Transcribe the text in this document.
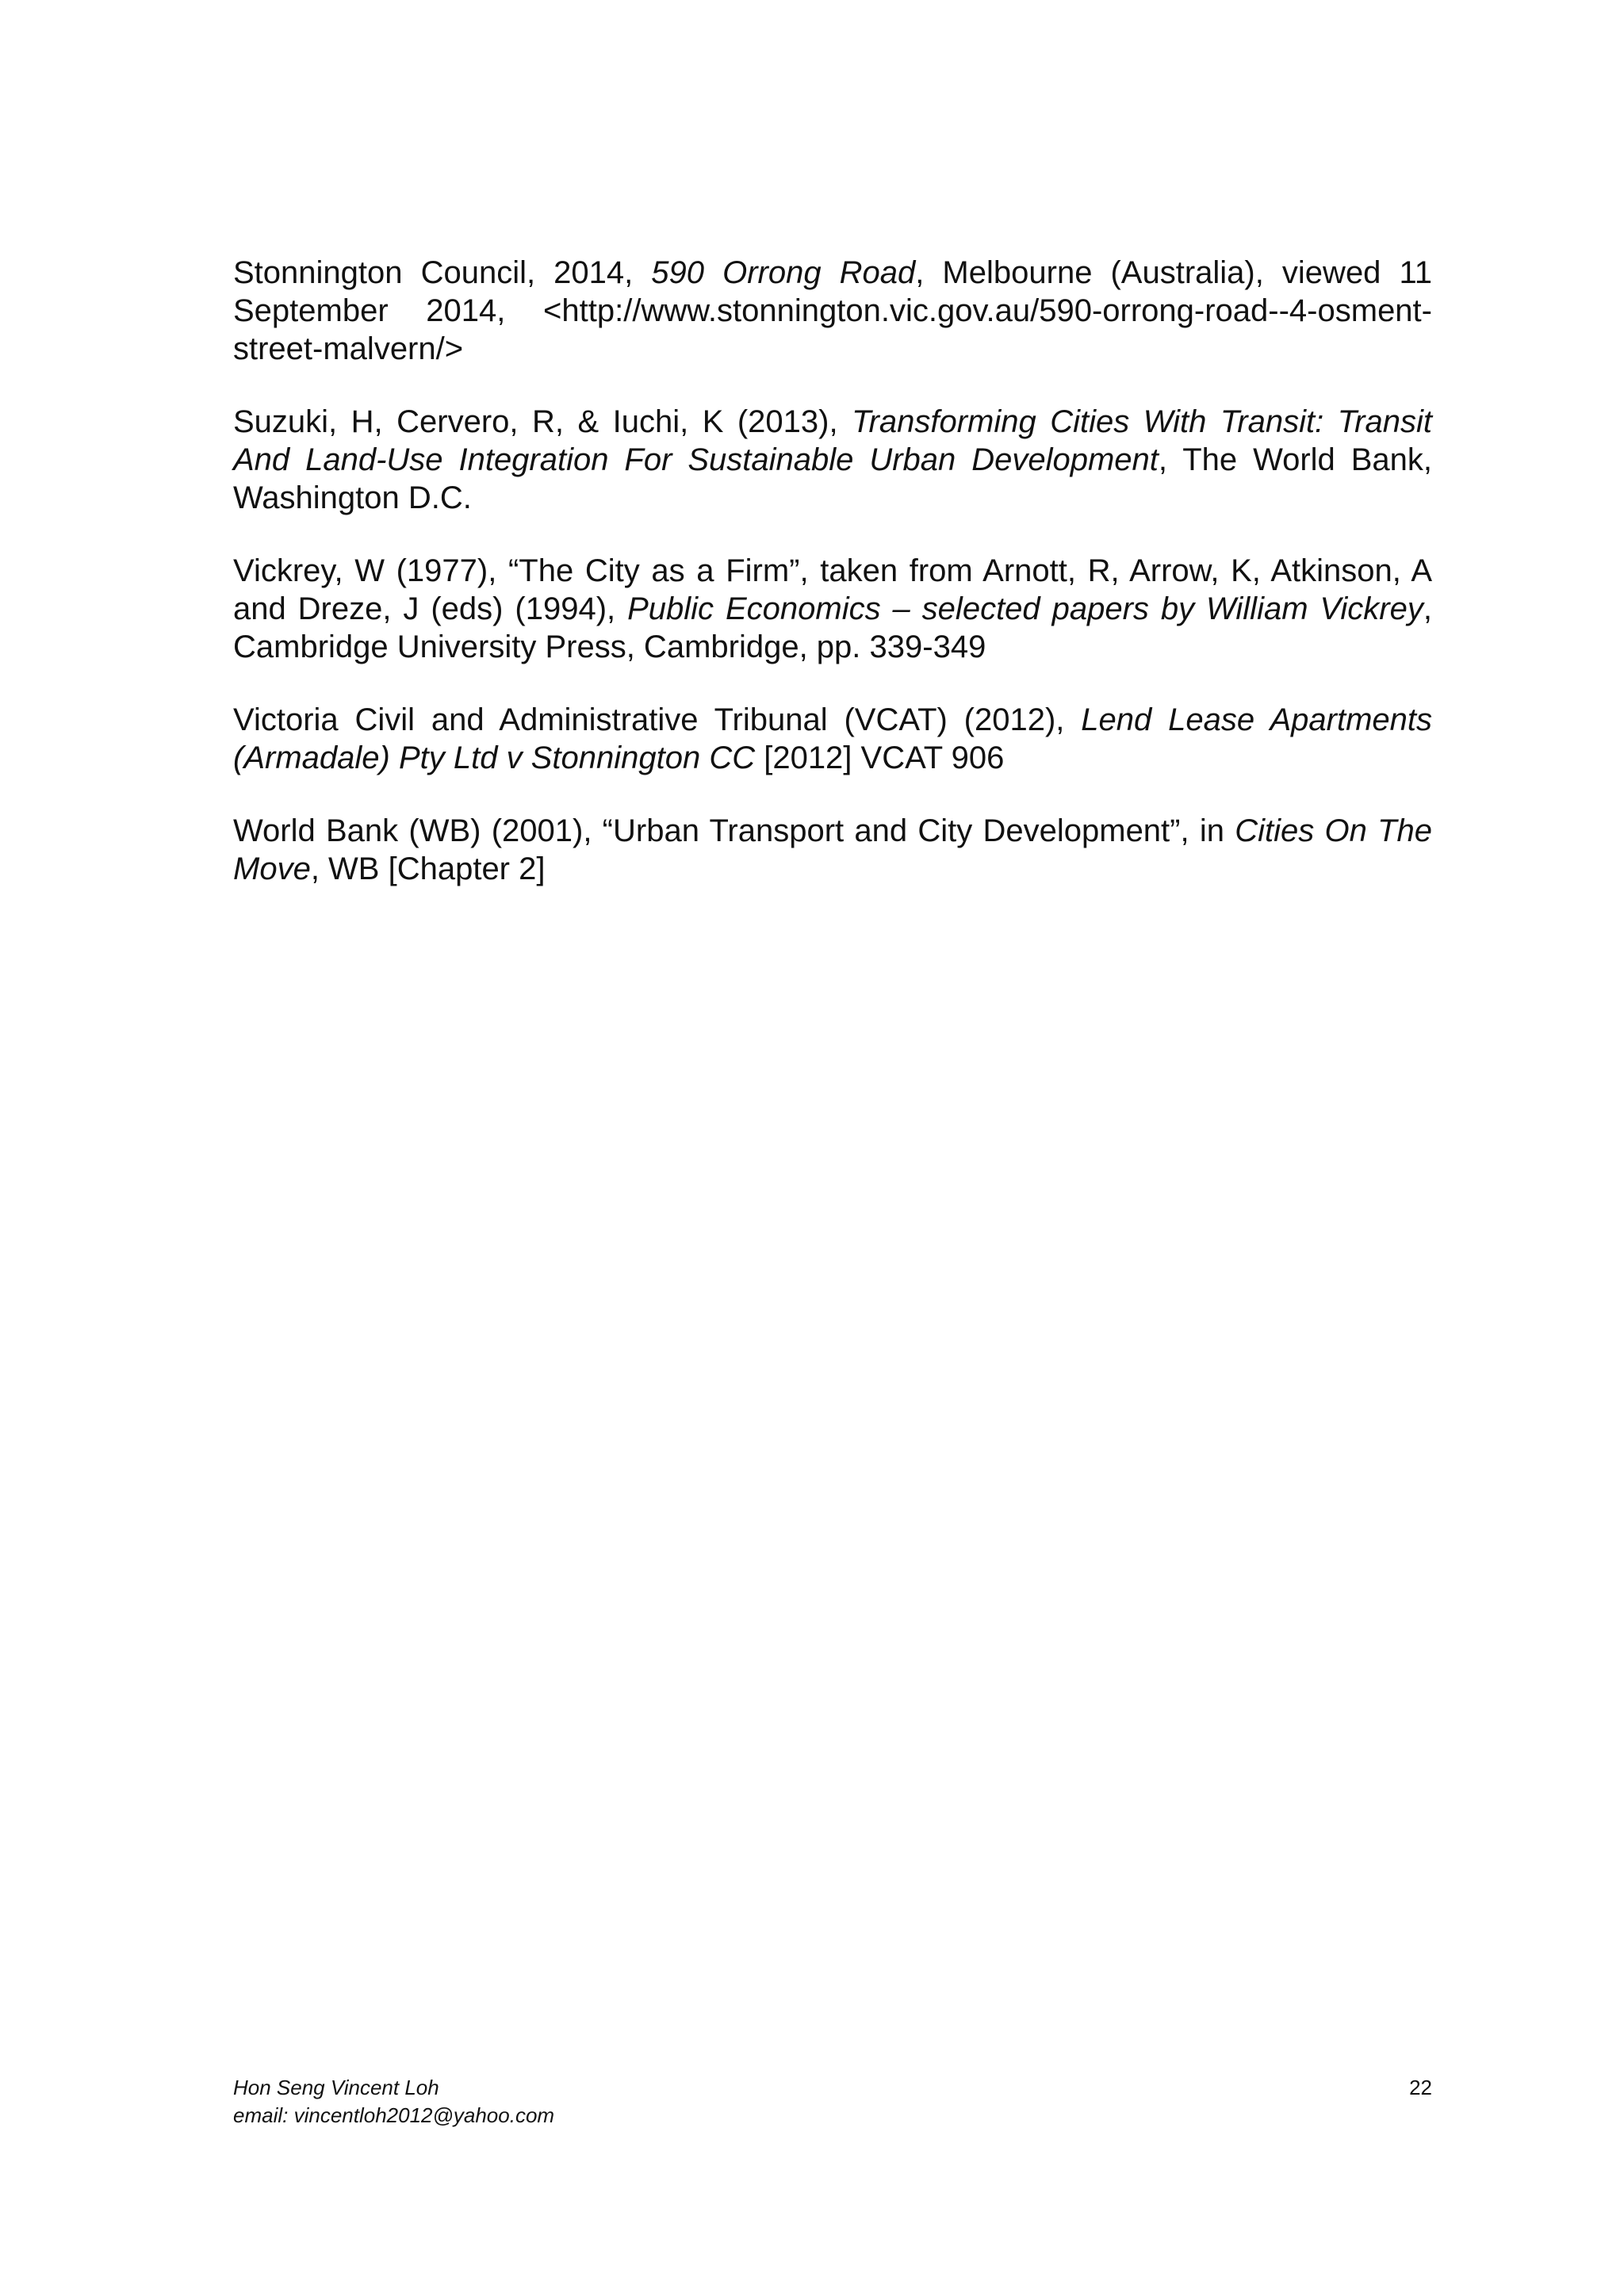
Stonnington Council, 2014, 590 Orrong Road, Melbourne (Australia), viewed 11 September 2014, <http://www.stonnington.vic.gov.au/590-orrong-road--4-osment-street-malvern/>

Suzuki, H, Cervero, R, & Iuchi, K (2013), Transforming Cities With Transit: Transit And Land-Use Integration For Sustainable Urban Development, The World Bank, Washington D.C.

Vickrey, W (1977), “The City as a Firm”, taken from Arnott, R, Arrow, K, Atkinson, A and Dreze, J (eds) (1994), Public Economics – selected papers by William Vickrey, Cambridge University Press, Cambridge, pp. 339-349

Victoria Civil and Administrative Tribunal (VCAT) (2012), Lend Lease Apartments (Armadale) Pty Ltd v Stonnington CC [2012] VCAT 906

World Bank (WB) (2001), “Urban Transport and City Development”, in Cities On The Move, WB [Chapter 2]

Hon Seng Vincent Loh
email: vincentloh2012@yahoo.com
22
